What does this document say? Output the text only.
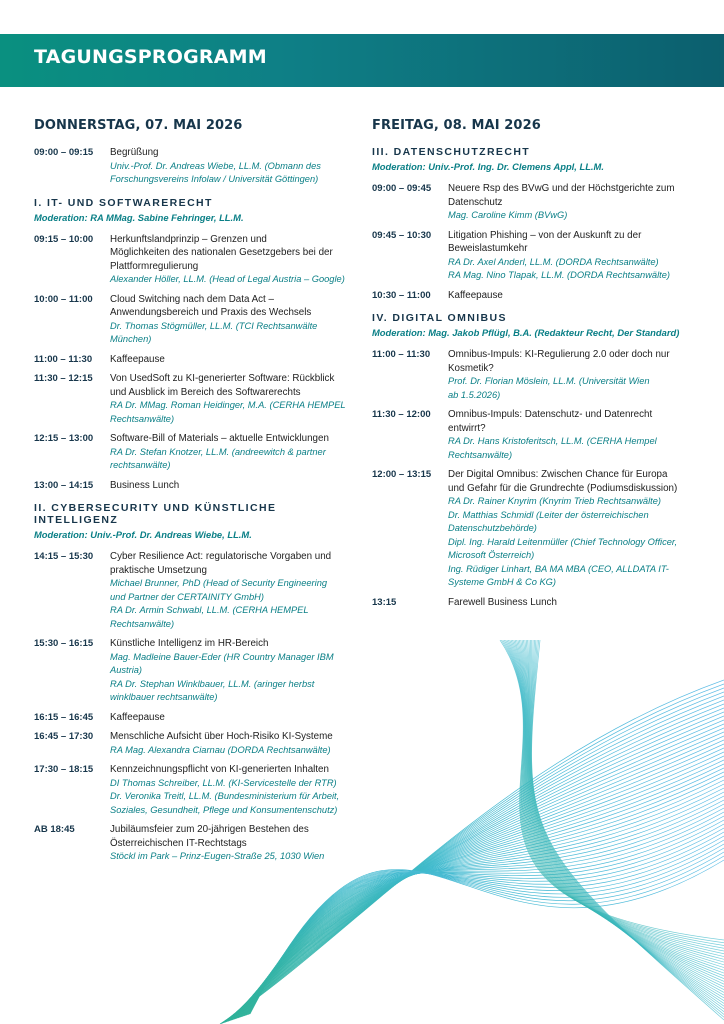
TAGUNGSPROGRAMM
DONNERSTAG, 07. MAI 2026
09:00 – 09:15	Begrüßung
Univ.-Prof. Dr. Andreas Wiebe, LL.M. (Obmann des
Forschungsvereins Infolaw / Universität Göttingen)
I. IT- UND SOFTWARERECHT
Moderation: RA MMag. Sabine Fehringer, LL.M.
09:15 – 10:00	Herkunftslandprinzip – Grenzen und
Möglichkeiten des nationalen Gesetzgebers bei der
Plattformregulierung
Alexander Höller, LL.M. (Head of Legal Austria – Google)
10:00 – 11:00	Cloud Switching nach dem Data Act –
Anwendungsbereich und Praxis des Wechsels
Dr. Thomas Stögmüller, LL.M. (TCI Rechtsanwälte
München)
11:00 – 11:30	Kaffeepause
11:30 – 12:15	Von UsedSoft zu KI-generierter Software: Rückblick
und Ausblick im Bereich des Softwarerechts
RA Dr. MMag. Roman Heidinger, M.A. (CERHA HEMPEL
Rechtsanwälte)
12:15 – 13:00	Software-Bill of Materials – aktuelle Entwicklungen
RA Dr. Stefan Knotzer, LL.M. (andreewitch & partner
rechtsanwälte)
13:00 – 14:15	Business Lunch
II. CYBERSECURITY UND KÜNSTLICHE INTELLIGENZ
Moderation: Univ.-Prof. Dr. Andreas Wiebe, LL.M.
14:15 – 15:30	Cyber Resilience Act: regulatorische Vorgaben und
praktische Umsetzung
Michael Brunner, PhD (Head of Security Engineering
und Partner der CERTAINITY GmbH)
RA Dr. Armin Schwabl, LL.M. (CERHA HEMPEL
Rechtsanwälte)
15:30 – 16:15	Künstliche Intelligenz im HR-Bereich
Mag. Madleine Bauer-Eder (HR Country Manager IBM
Austria)
RA Dr. Stephan Winklbauer, LL.M. (aringer herbst
winklbauer rechtsanwälte)
16:15 – 16:45	Kaffeepause
16:45 – 17:30	Menschliche Aufsicht über Hoch-Risiko KI-Systeme
RA Mag. Alexandra Ciarnau (DORDA Rechtsanwälte)
17:30 – 18:15	Kennzeichnungspflicht von KI-generierten Inhalten
DI Thomas Schreiber, LL.M. (KI-Servicestelle der RTR)
Dr. Veronika Treitl, LL.M. (Bundesministerium für Arbeit,
Soziales, Gesundheit, Pflege und Konsumentenschutz)
AB 18:45	Jubiläumsfeier zum 20-jährigen Bestehen des
Österreichischen IT-Rechtstags
Stöckl im Park – Prinz-Eugen-Straße 25, 1030 Wien
FREITAG, 08. MAI 2026
III. DATENSCHUTZRECHT
Moderation: Univ.-Prof. Ing. Dr. Clemens Appl, LL.M.
09:00 – 09:45	Neuere Rsp des BVwG und der Höchstgerichte zum
Datenschutz
Mag. Caroline Kimm (BVwG)
09:45 – 10:30	Litigation Phishing – von der Auskunft zu der
Beweislastumkehr
RA Dr. Axel Anderl, LL.M. (DORDA Rechtsanwälte)
RA Mag. Nino Tlapak, LL.M. (DORDA Rechtsanwälte)
10:30 – 11:00	Kaffeepause
IV. DIGITAL OMNIBUS
Moderation: Mag. Jakob Pflügl, B.A. (Redakteur Recht, Der Standard)
11:00 – 11:30	Omnibus-Impuls: KI-Regulierung 2.0 oder doch nur
Kosmetik?
Prof. Dr. Florian Möslein, LL.M. (Universität Wien
ab 1.5.2026)
11:30 – 12:00	Omnibus-Impuls: Datenschutz- und Datenrecht
entwirrt?
RA Dr. Hans Kristoferitsch, LL.M. (CERHA Hempel
Rechtsanwälte)
12:00 – 13:15	Der Digital Omnibus: Zwischen Chance für Europa
und Gefahr für die Grundrechte (Podiumsdiskussion)
RA Dr. Rainer Knyrim (Knyrim Trieb Rechtsanwälte)
Dr. Matthias Schmidl (Leiter der österreichischen
Datenschutzbehörde)
Dipl. Ing. Harald Leitenmüller (Chief Technology Officer,
Microsoft Österreich)
Ing. Rüdiger Linhart, BA MA MBA (CEO, ALLDATA IT-
Systeme GmbH & Co KG)
13:15	Farewell Business Lunch
